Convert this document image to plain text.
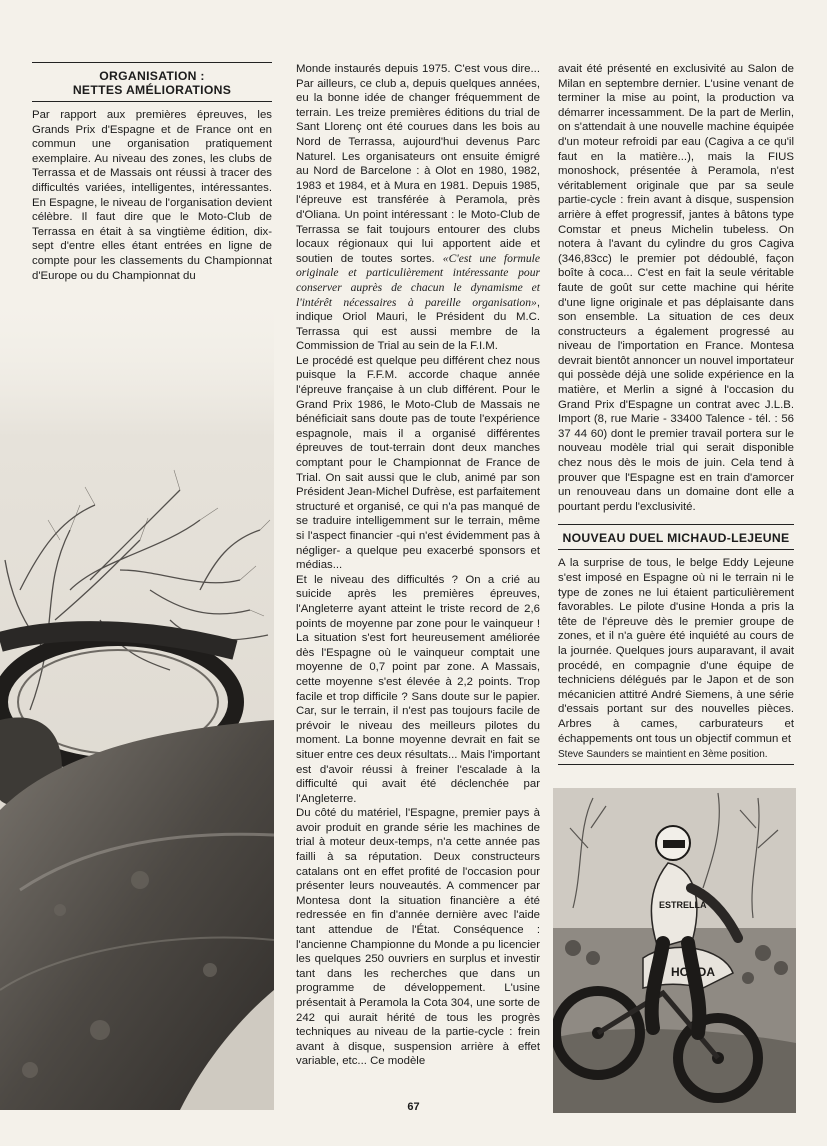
ORGANISATION :
NETTES AMÉLIORATIONS

Par rapport aux premières épreuves, les Grands Prix d'Espagne et de France ont en commun une organisation pratiquement exemplaire. Au niveau des zones, les clubs de Terrassa et de Massais ont réussi à tracer des difficultés variées, intelligentes, intéressantes. En Espagne, le niveau de l'organisation devient célèbre. Il faut dire que le Moto-Club de Terrassa en était à sa vingtième édition, dix-sept d'entre elles étant entrées en ligne de compte pour les classements du Championnat d'Europe ou du Championnat du

Monde instaurés depuis 1975. C'est vous dire... Par ailleurs, ce club a, depuis quelques années, eu la bonne idée de changer fréquemment de terrain. Les treize premières éditions du trial de Sant Llorenç ont été courues dans les bois au Nord de Terrassa, aujourd'hui devenus Parc Naturel. Les organisateurs ont ensuite émigré au Nord de Barcelone : à Olot en 1980, 1982, 1983 et 1984, et à Mura en 1981. Depuis 1985, l'épreuve est transférée à Peramola, près d'Oliana. Un point intéressant : le Moto-Club de Terrassa se fait toujours entourer des clubs locaux régionaux qui lui apportent aide et soutien de toutes sortes. «C'est une formule originale et particulièrement intéressante pour conserver auprès de chacun le dynamisme et l'intérêt nécessaires à pareille organisation», indique Oriol Mauri, le Président du M.C. Terrassa qui est aussi membre de la Commission de Trial au sein de la F.I.M.

Le procédé est quelque peu différent chez nous puisque la F.F.M. accorde chaque année l'épreuve française à un club différent. Pour le Grand Prix 1986, le Moto-Club de Massais ne bénéficiait sans doute pas de toute l'expérience espagnole, mais il a organisé différentes épreuves de tout-terrain dont deux manches comptant pour le Championnat de France de Trial. On sait aussi que le club, animé par son Président Jean-Michel Dufrèse, est parfaitement structuré et organisé, ce qui n'a pas manqué de se traduire intelligemment sur le terrain, même si l'aspect financier -qui n'est évidemment pas à négliger- a quelque peu exacerbé sponsors et médias...

Et le niveau des difficultés ? On a crié au suicide après les premières épreuves, l'Angleterre ayant atteint le triste record de 2,6 points de moyenne par zone pour le vainqueur ! La situation s'est fort heureusement améliorée dès l'Espagne où le vainqueur comptait une moyenne de 0,7 point par zone. A Massais, cette moyenne s'est élevée à 2,2 points. Trop facile et trop difficile ? Sans doute sur le papier. Car, sur le terrain, il n'est pas toujours facile de prévoir le niveau des meilleurs pilotes du moment. La bonne moyenne devrait en fait se situer entre ces deux résultats... Mais l'important est d'avoir réussi à freiner l'escalade à la difficulté qui avait été déclenchée par l'Angleterre.

Du côté du matériel, l'Espagne, premier pays à avoir produit en grande série les machines de trial à moteur deux-temps, n'a cette année pas failli à sa réputation. Deux constructeurs catalans ont en effet profité de l'occasion pour présenter leurs nouveautés. A commencer par Montesa dont la situation financière a été redressée en fin d'année dernière avec l'aide tant attendue de l'État. Conséquence : l'ancienne Championne du Monde a pu licencier les quelques 250 ouvriers en surplus et investir tant dans les recherches que dans un programme de développement. L'usine présentait à Peramola la Cota 304, une sorte de 242 qui aurait hérité de tous les progrès techniques au niveau de la partie-cycle : frein avant à disque, suspension arrière à effet variable, etc... Ce modèle

avait été présenté en exclusivité au Salon de Milan en septembre dernier. L'usine venant de terminer la mise au point, la production va démarrer incessamment. De la part de Merlin, on s'attendait à une nouvelle machine équipée d'un moteur refroidi par eau (Cagiva a ce qu'il faut en la matière...), mais la FIUS monoshock, présentée à Peramola, n'est véritablement originale que par sa seule partie-cycle : frein avant à disque, suspension arrière à effet progressif, jantes à bâtons type Comstar et pneus Michelin tubeless. On notera à l'avant du cylindre du gros Cagiva (346,83cc) le premier pot dédoublé, façon boîte à coca... C'est en fait la seule véritable faute de goût sur cette machine qui hérite d'une ligne originale et pas déplaisante dans son ensemble. La situation de ces deux constructeurs a également progressé au niveau de l'importation en France. Montesa devrait bientôt annoncer un nouvel importateur qui possède déjà une solide expérience en la matière, et Merlin a signé à l'occasion du Grand Prix d'Espagne un contrat avec J.L.B. Import (8, rue Marie - 33400 Talence - tél. : 56 37 44 60) dont le premier travail portera sur le nouveau modèle trial qui serait disponible chez nous dès le mois de juin. Cela tend à prouver que l'Espagne est en train d'amorcer un renouveau dans un domaine dont elle a pourtant perdu l'exclusivité.

NOUVEAU DUEL MICHAUD-LEJEUNE

A la surprise de tous, le belge Eddy Lejeune s'est imposé en Espagne où ni le terrain ni le type de zones ne lui étaient particulièrement favorables. Le pilote d'usine Honda a pris la tête de l'épreuve dès le premier groupe de zones, et il n'a guère été inquiété au cours de la journée. Quelques jours auparavant, il avait procédé, en compagnie d'une équipe de techniciens délégués par le Japon et de son mécanicien attitré André Siemens, à une série d'essais portant sur des nouvelles pièces. Arbres à cames, carburateurs et échappements ont tous un objectif commun et

Steve Saunders se maintient en 3ème position.
HONDA
ESTRELLA
67
